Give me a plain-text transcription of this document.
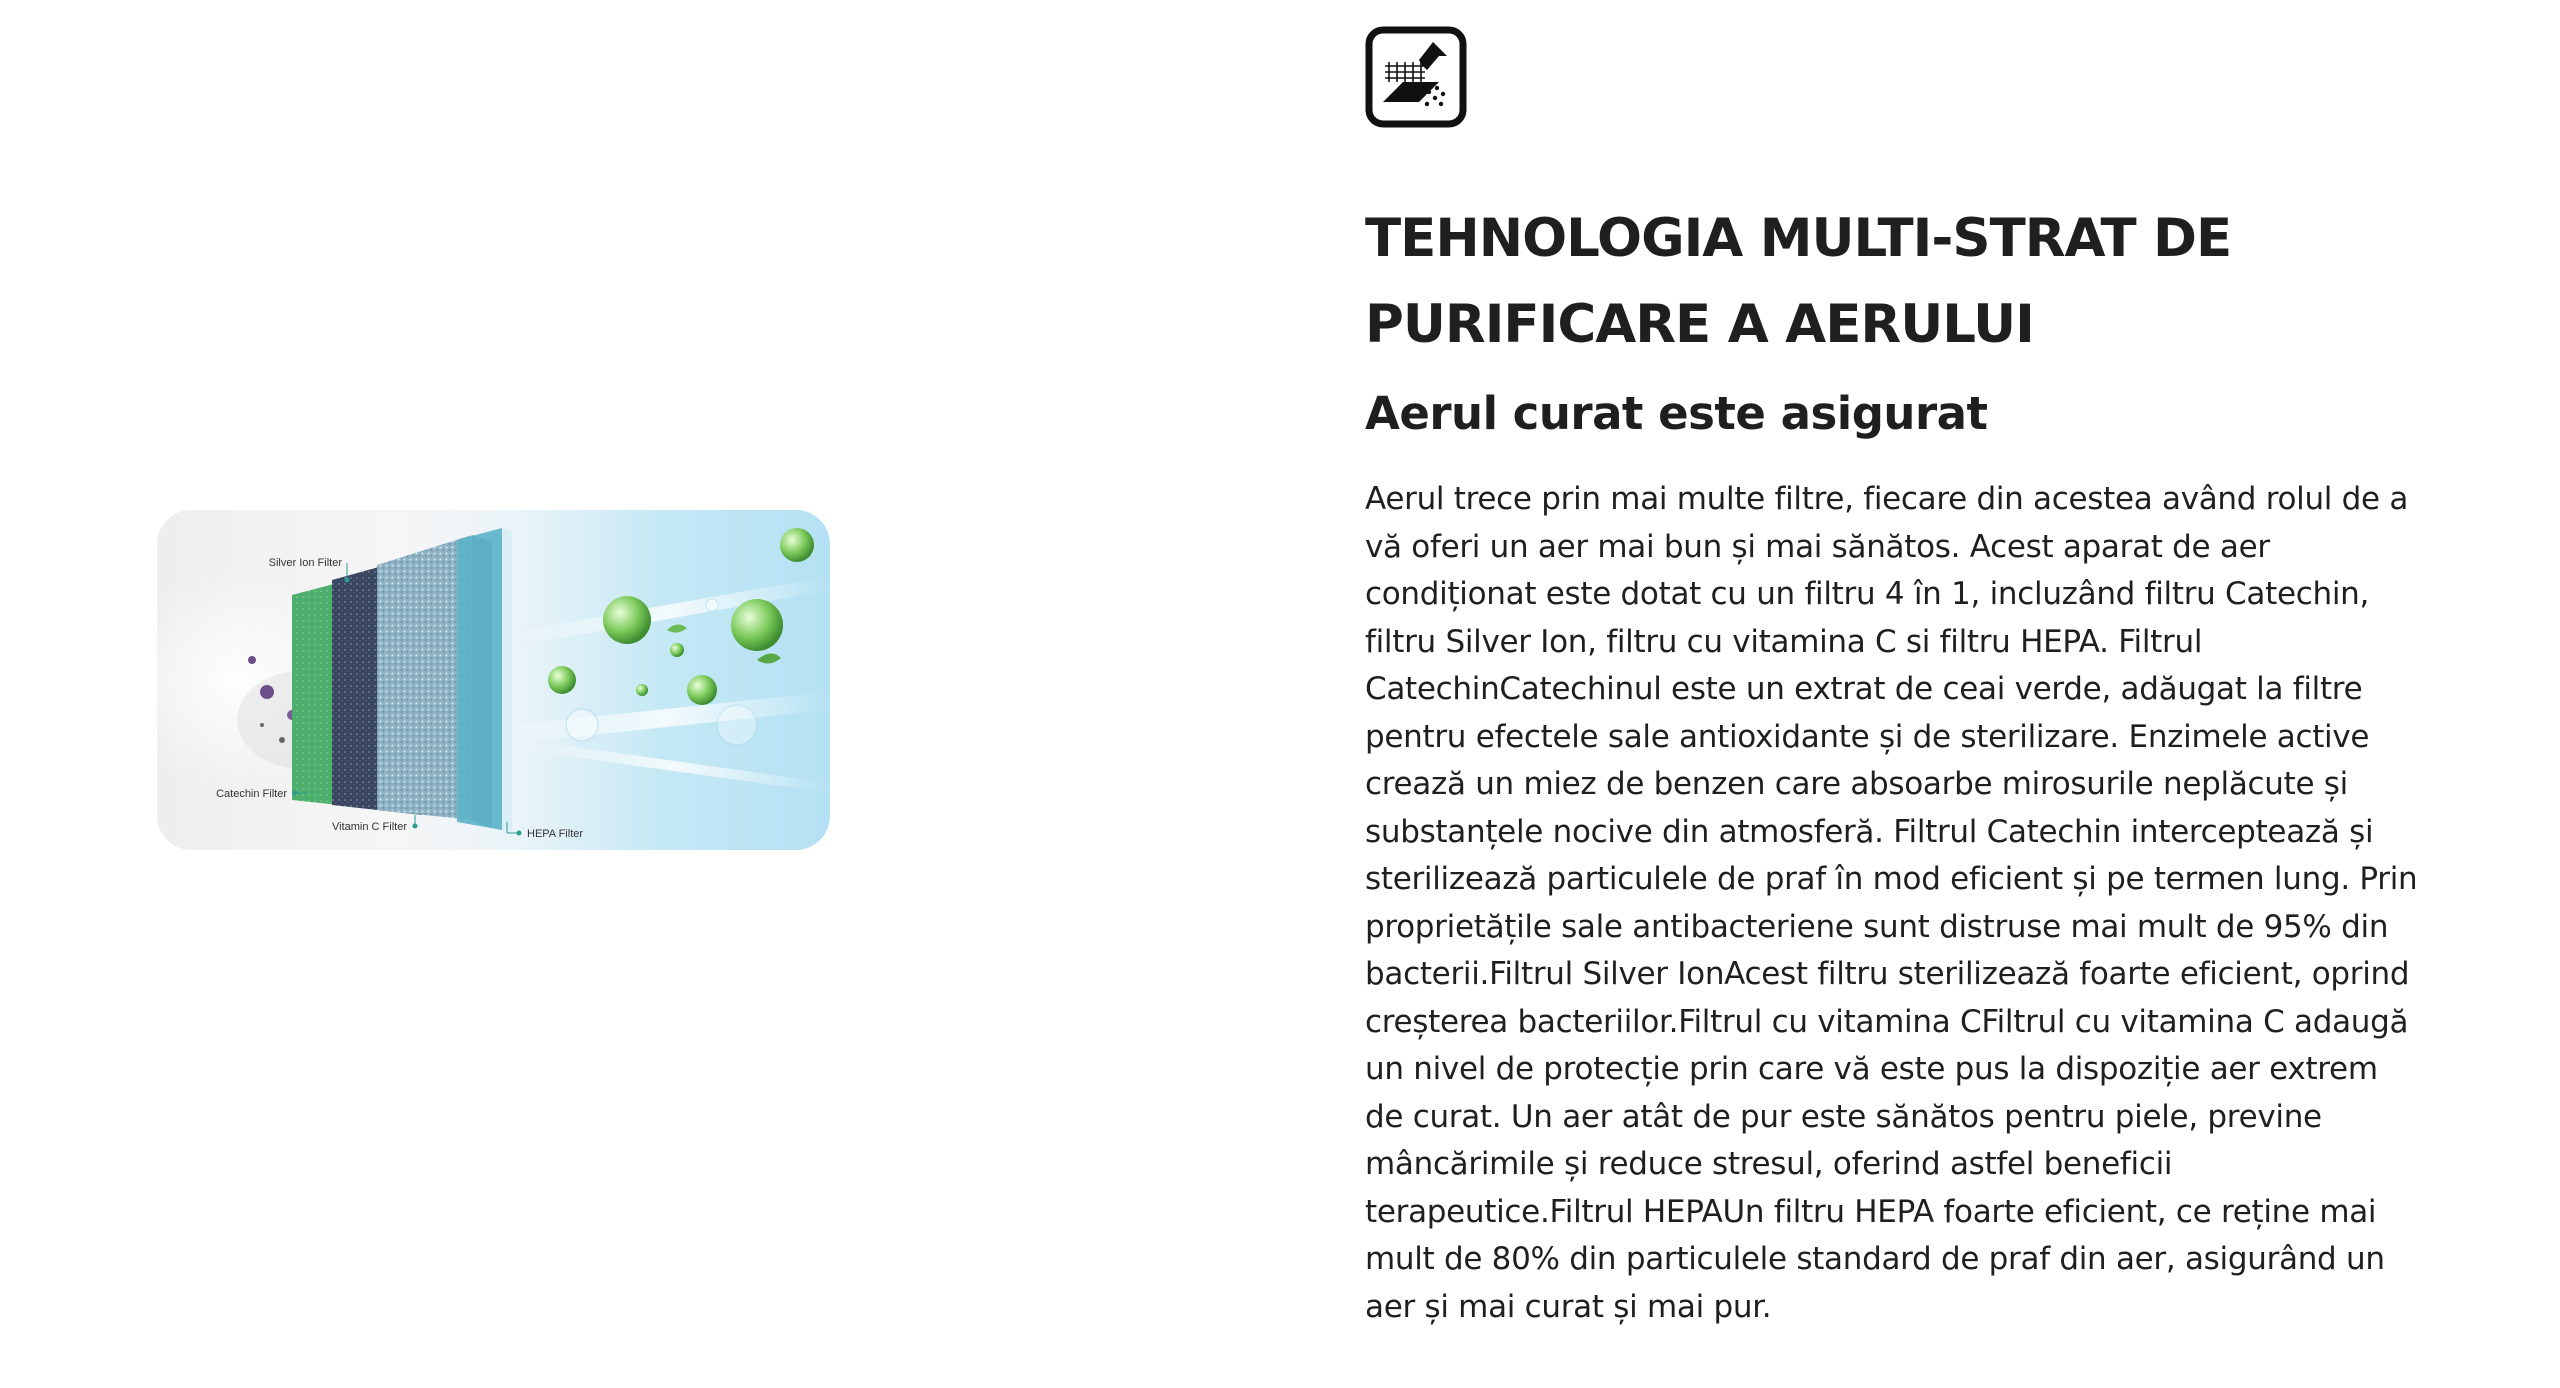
Silver Ion Filter
Catechin Filter
Vitamin C Filter
HEPA Filter
TEHNOLOGIA MULTI-STRAT DE PURIFICARE A AERULUI
Aerul curat este asigurat

Aerul trece prin mai multe filtre, fiecare din acestea având rolul de a vă oferi un aer mai bun și mai sănătos. Acest aparat de aer condiționat este dotat cu un filtru 4 în 1, incluzând filtru Catechin, filtru Silver Ion, filtru cu vitamina C si filtru HEPA. Filtrul CatechinCatechinul este un extrat de ceai verde, adăugat la filtre pentru efectele sale antioxidante și de sterilizare. Enzimele active crează un miez de benzen care absoarbe mirosurile neplăcute și substanțele nocive din atmosferă. Filtrul Catechin interceptează și sterilizează particulele de praf în mod eficient și pe termen lung. Prin proprietățile sale antibacteriene sunt distruse mai mult de 95% din bacterii.Filtrul Silver IonAcest filtru sterilizează foarte eficient, oprind creșterea bacteriilor.Filtrul cu vitamina CFiltrul cu vitamina C adaugă un nivel de protecție prin care vă este pus la dispoziție aer extrem de curat. Un aer atât de pur este sănătos pentru piele, previne mâncărimile și reduce stresul, oferind astfel beneficii terapeutice.Filtrul HEPAUn filtru HEPA foarte eficient, ce reține mai mult de 80% din particulele standard de praf din aer, asigurând un aer și mai curat și mai pur.
